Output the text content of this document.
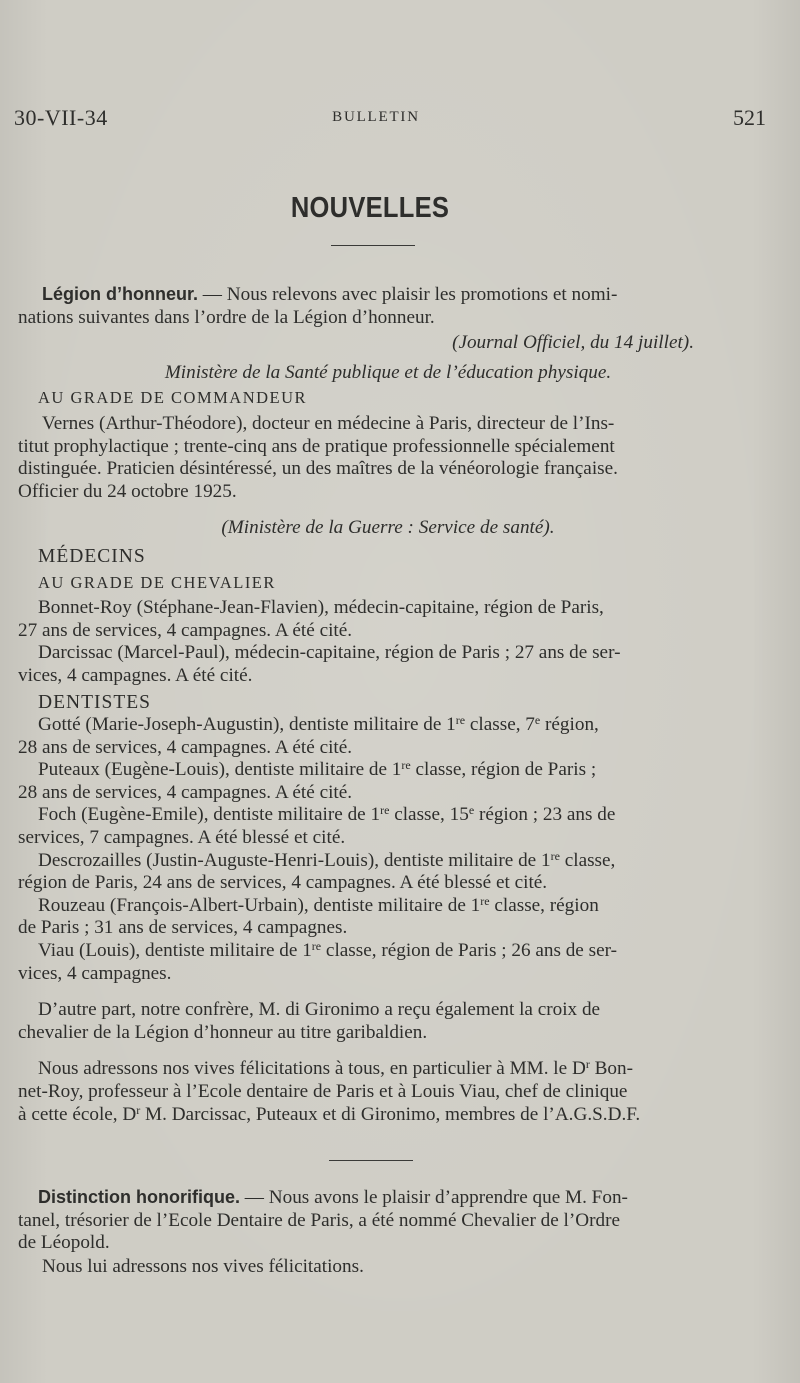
30-VII-34	BULLETIN	521
NOUVELLES

Légion d’honneur. — Nous relevons avec plaisir les promotions et nomi-

nations suivantes dans l’ordre de la Légion d’honneur.

(Journal Officiel, du 14 juillet).

Ministère de la Santé publique et de l’éducation physique.

AU GRADE DE COMMANDEUR

Vernes (Arthur-Théodore), docteur en médecine à Paris, directeur de l’Ins-

titut prophylactique ; trente-cinq ans de pratique professionnelle spécialement

distinguée. Praticien désintéressé, un des maîtres de la vénéorologie française.

Officier du 24 octobre 1925.

(Ministère de la Guerre : Service de santé).

MÉDECINS

AU GRADE DE CHEVALIER

Bonnet-Roy (Stéphane-Jean-Flavien), médecin-capitaine, région de Paris,

27 ans de services, 4 campagnes. A été cité.

Darcissac (Marcel-Paul), médecin-capitaine, région de Paris ; 27 ans de ser-

vices, 4 campagnes. A été cité.

DENTISTES

Gotté (Marie-Joseph-Augustin), dentiste militaire de 1re classe, 7e région,

28 ans de services, 4 campagnes. A été cité.

Puteaux (Eugène-Louis), dentiste militaire de 1re classe, région de Paris ;

28 ans de services, 4 campagnes. A été cité.

Foch (Eugène-Emile), dentiste militaire de 1re classe, 15e région ; 23 ans de

services, 7 campagnes. A été blessé et cité.

Descrozailles (Justin-Auguste-Henri-Louis), dentiste militaire de 1re classe,

région de Paris, 24 ans de services, 4 campagnes. A été blessé et cité.

Rouzeau (François-Albert-Urbain), dentiste militaire de 1re classe, région

de Paris ; 31 ans de services, 4 campagnes.

Viau (Louis), dentiste militaire de 1re classe, région de Paris ; 26 ans de ser-

vices, 4 campagnes.

D’autre part, notre confrère, M. di Gironimo a reçu également la croix de

chevalier de la Légion d’honneur au titre garibaldien.

Nous adressons nos vives félicitations à tous, en particulier à MM. le $D^r$ Bon-

net-Roy, professeur à l’Ecole dentaire de Paris et à Louis Viau, chef de clinique

à cette école, $D^r$ M. Darcissac, Puteaux et di Gironimo, membres de l’A.G.S.D.F.

Distinction honorifique. — Nous avons le plaisir d’apprendre que M. Fon-

tanel, trésorier de l’Ecole Dentaire de Paris, a été nommé Chevalier de l’Ordre

de Léopold.

Nous lui adressons nos vives félicitations.
